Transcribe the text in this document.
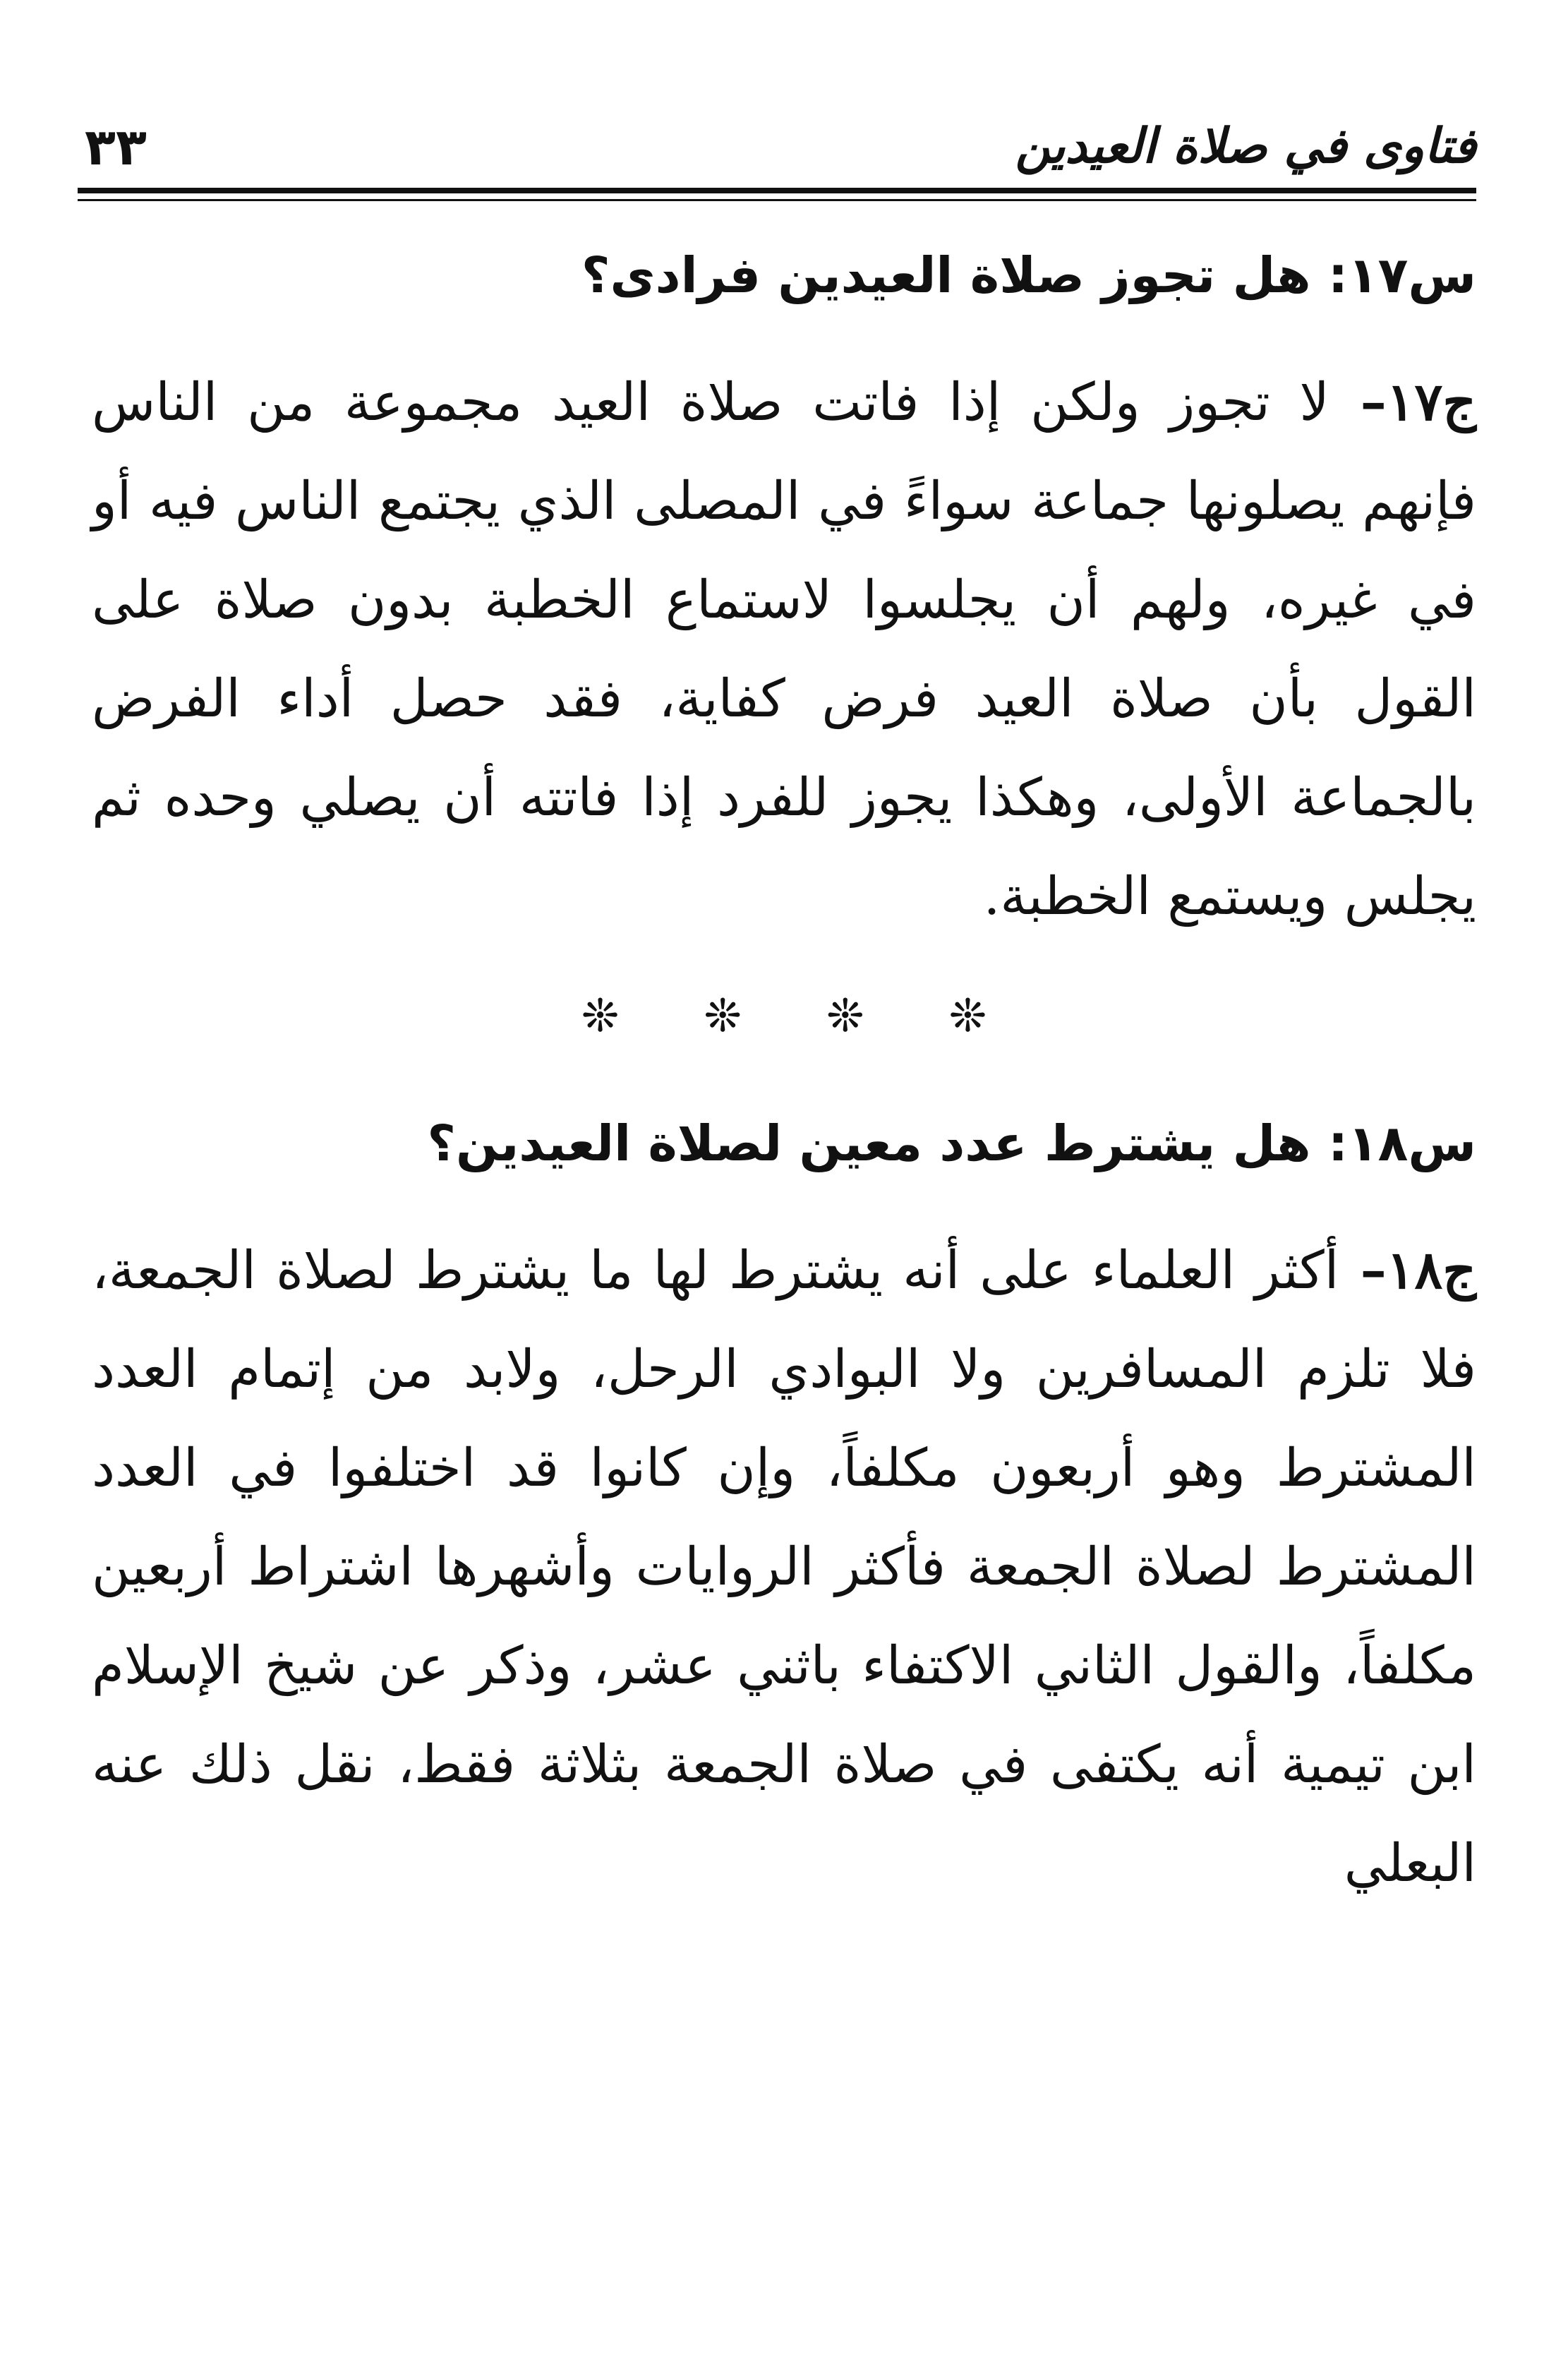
فتاوى في صلاة العيدين
٣٣
س١٧: هل تجوز صلاة العيدين فرادى؟

ج١٧– لا تجوز ولكن إذا فاتت صلاة العيد مجموعة من الناس فإنهم يصلونها جماعة سواءً في المصلى الذي يجتمع الناس فيه أو في غيره، ولهم أن يجلسوا لاستماع الخطبة بدون صلاة على القول بأن صلاة العيد فرض كفاية، فقد حصل أداء الفرض بالجماعة الأولى، وهكذا يجوز للفرد إذا فاتته أن يصلي وحده ثم يجلس ويستمع الخطبة.

❊
❊
❊
❊
س١٨: هل يشترط عدد معين لصلاة العيدين؟

ج١٨– أكثر العلماء على أنه يشترط لها ما يشترط لصلاة الجمعة، فلا تلزم المسافرين ولا البوادي الرحل، ولابد من إتمام العدد المشترط وهو أربعون مكلفاً، وإن كانوا قد اختلفوا في العدد المشترط لصلاة الجمعة فأكثر الروايات وأشهرها اشتراط أربعين مكلفاً، والقول الثاني الاكتفاء باثني عشر، وذكر عن شيخ الإسلام ابن تيمية أنه يكتفى في صلاة الجمعة بثلاثة فقط، نقل ذلك عنه البعلي
